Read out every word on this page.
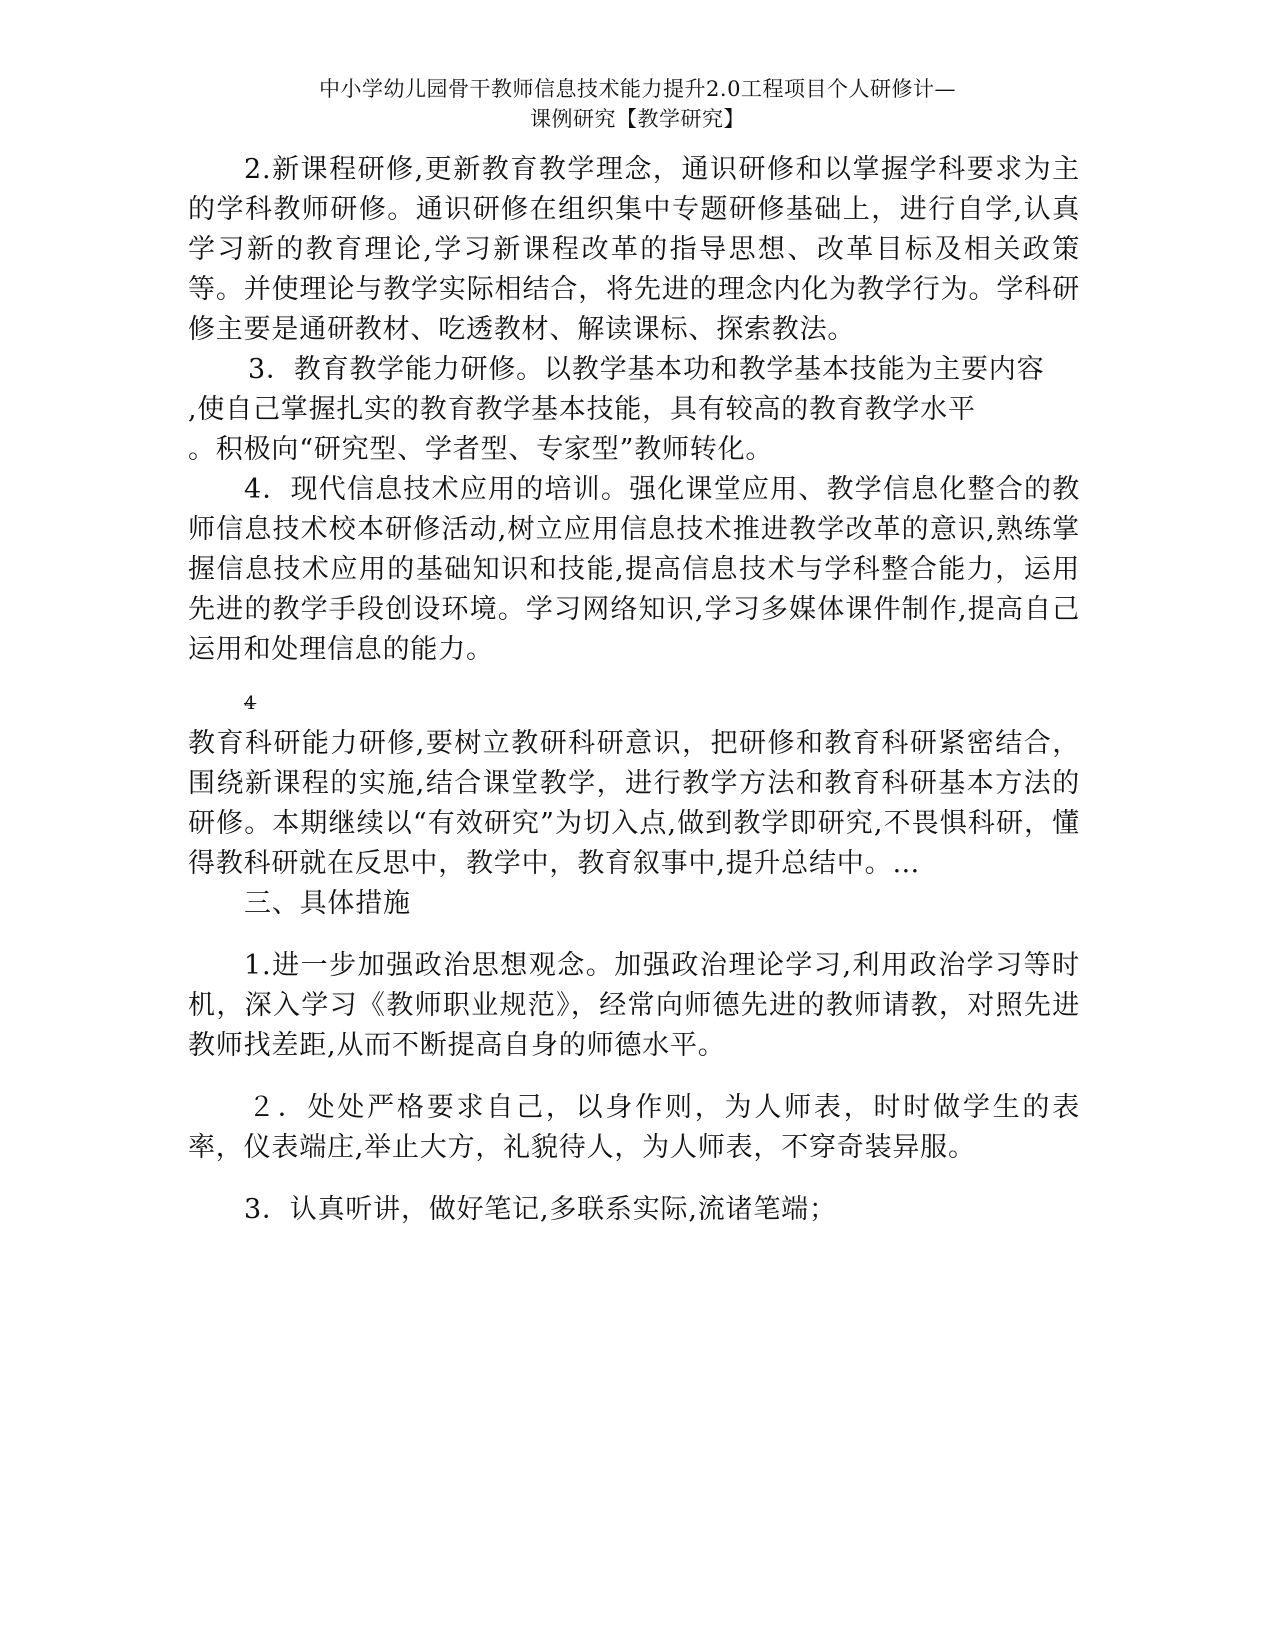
中小学幼儿园骨干教师信息技术能力提升2.0工程项目个人研修计—
课例研究【教学研究】

2.新课程研修,更新教育教学理念，通识研修和以掌握学科要求为主的学科教师研修。通识研修在组织集中专题研修基础上，进行自学,认真学习新的教育理论,学习新课程改革的指导思想、改革目标及相关政策等。并使理论与教学实际相结合，将先进的理念内化为教学行为。学科研修主要是通研教材、吃透教材、解读课标、探索教法。

3．教育教学能力研修。以教学基本功和教学基本技能为主要内容

,使自己掌握扎实的教育教学基本技能，具有较高的教育教学水平

。积极向“研究型、学者型、专家型”教师转化。

4．现代信息技术应用的培训。强化课堂应用、教学信息化整合的教师信息技术校本研修活动,树立应用信息技术推进教学改革的意识,熟练掌握信息技术应用的基础知识和技能,提高信息技术与学科整合能力，运用先进的教学手段创设环境。学习网络知识,学习多媒体课件制作,提高自己运用和处理信息的能力。

4

教育科研能力研修,要树立教研科研意识，把研修和教育科研紧密结合，围绕新课程的实施,结合课堂教学，进行教学方法和教育科研基本方法的研修。本期继续以“有效研究”为切入点,做到教学即研究,不畏惧科研，懂得教科研就在反思中，教学中，教育叙事中,提升总结中。…

三、具体措施

1.进一步加强政治思想观念。加强政治理论学习,利用政治学习等时机，深入学习《教师职业规范》，经常向师德先进的教师请教，对照先进教师找差距,从而不断提高自身的师德水平。

２．处处严格要求自己，以身作则，为人师表，时时做学生的表率，仪表端庄,举止大方，礼貌待人，为人师表，不穿奇装异服。

3．认真听讲，做好笔记,多联系实际,流诸笔端；
